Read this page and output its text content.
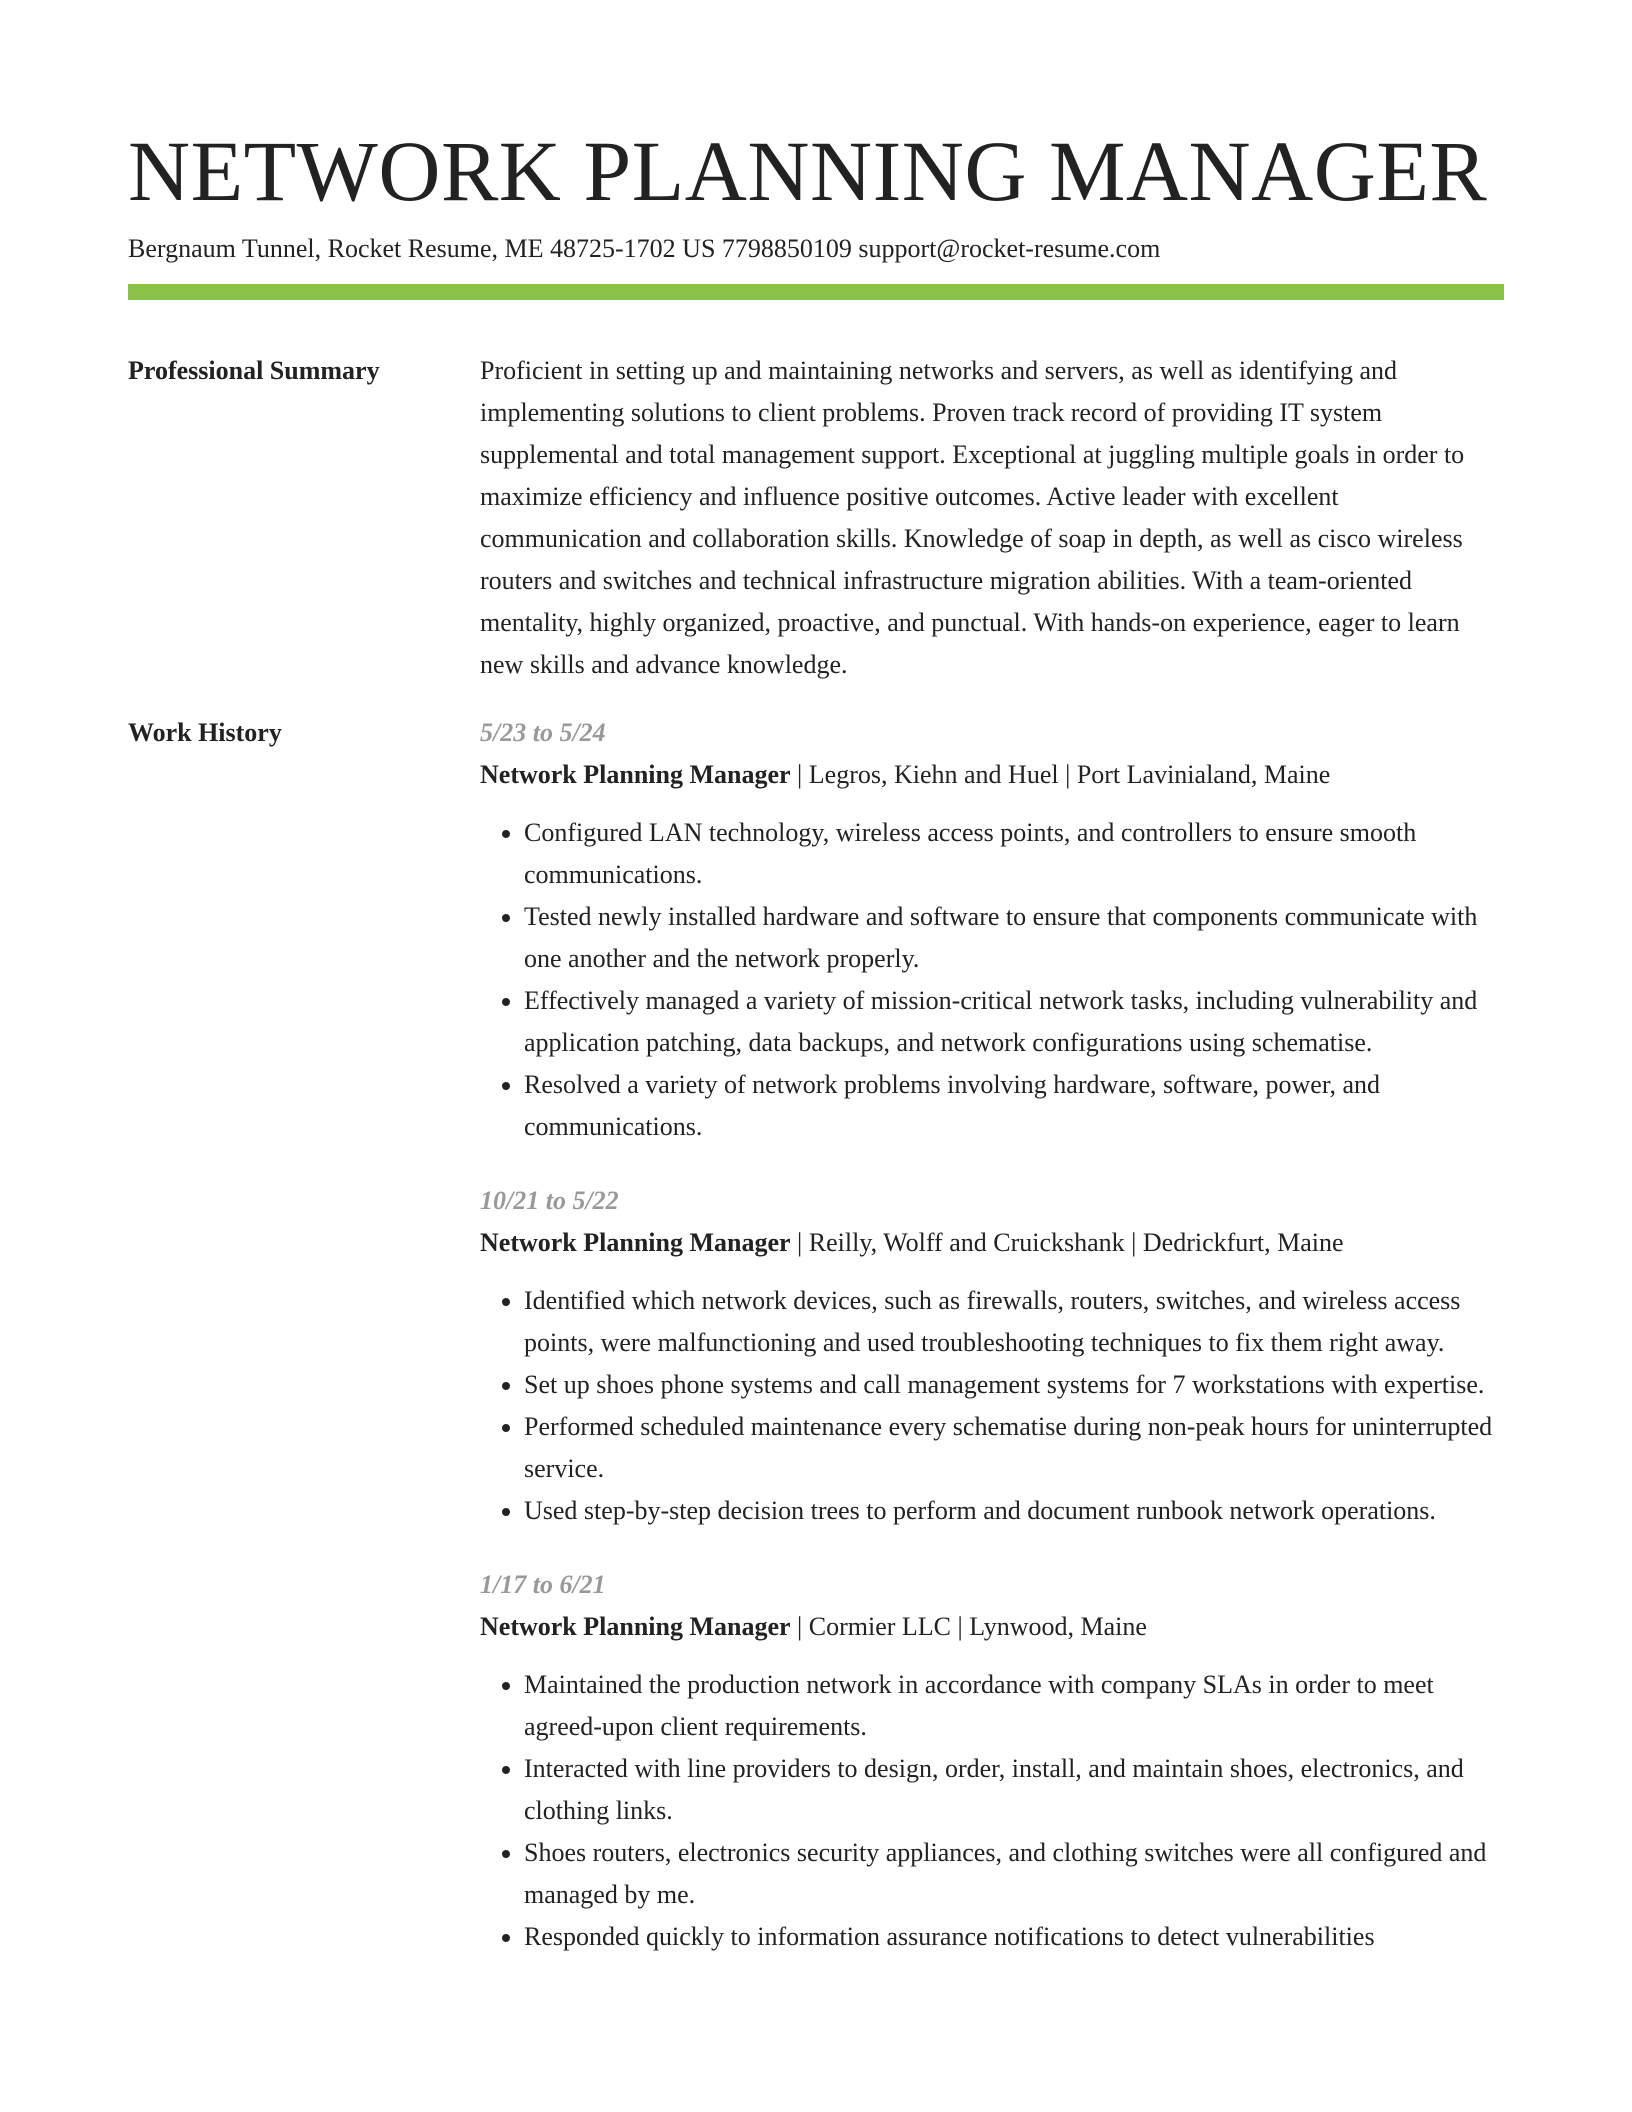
NETWORK PLANNING MANAGER
Bergnaum Tunnel, Rocket Resume, ME 48725-1702 US 7798850109 support@rocket-resume.com
Professional Summary	Proficient in setting up and maintaining networks and servers, as well as identifying and implementing solutions to client problems. Proven track record of providing IT system supplemental and total management support. Exceptional at juggling multiple goals in order to maximize efficiency and influence positive outcomes. Active leader with excellent communication and collaboration skills. Knowledge of soap in depth, as well as cisco wireless routers and switches and technical infrastructure migration abilities. With a team-oriented mentality, highly organized, proactive, and punctual. With hands-on experience, eager to learn new skills and advance knowledge.

Work History	5/23 to 5/24
Network Planning Manager | Legros, Kiehn and Huel | Port Lavinialand, Maine
• Configured LAN technology, wireless access points, and controllers to ensure smooth communications.
• Tested newly installed hardware and software to ensure that components communicate with one another and the network properly.
• Effectively managed a variety of mission-critical network tasks, including vulnerability and application patching, data backups, and network configurations using schematise.
• Resolved a variety of network problems involving hardware, software, power, and communications.
10/21 to 5/22
Network Planning Manager | Reilly, Wolff and Cruickshank | Dedrickfurt, Maine
• Identified which network devices, such as firewalls, routers, switches, and wireless access points, were malfunctioning and used troubleshooting techniques to fix them right away.
• Set up shoes phone systems and call management systems for 7 workstations with expertise.
• Performed scheduled maintenance every schematise during non-peak hours for uninterrupted service.
• Used step-by-step decision trees to perform and document runbook network operations.
1/17 to 6/21
Network Planning Manager | Cormier LLC | Lynwood, Maine
• Maintained the production network in accordance with company SLAs in order to meet agreed-upon client requirements.
• Interacted with line providers to design, order, install, and maintain shoes, electronics, and clothing links.
• Shoes routers, electronics security appliances, and clothing switches were all configured and managed by me.
• Responded quickly to information assurance notifications to detect vulnerabilities
